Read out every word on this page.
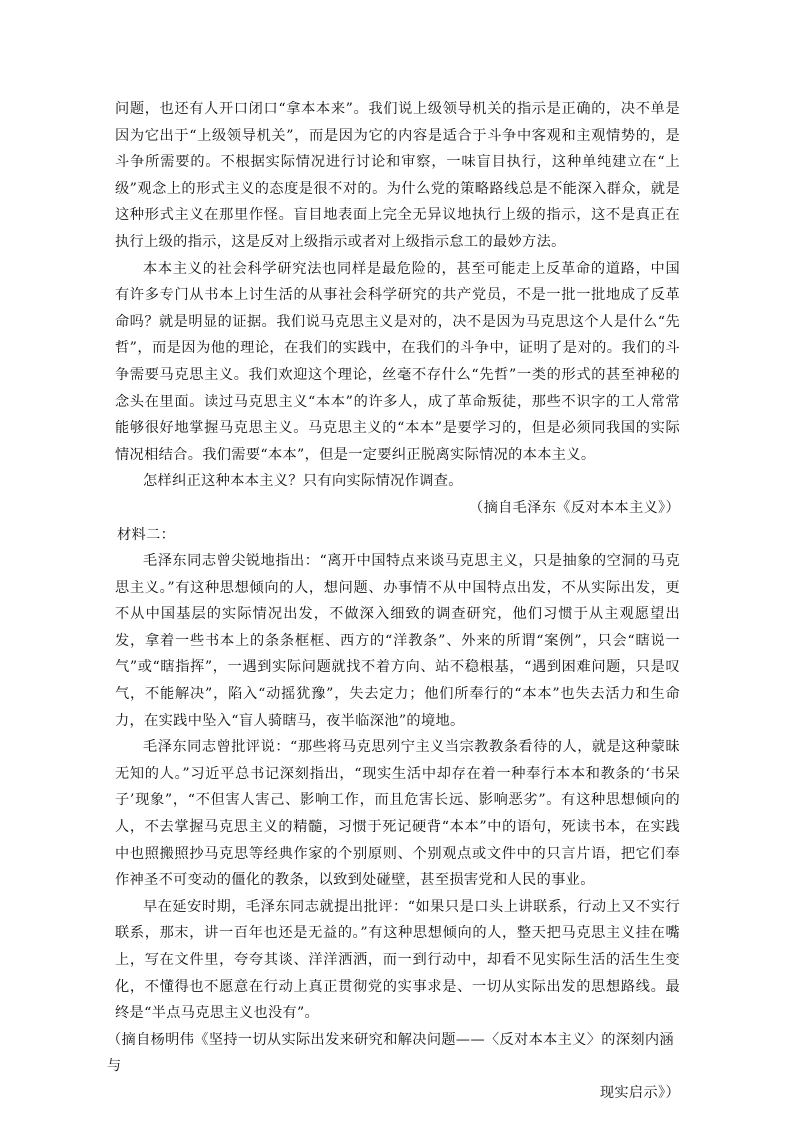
问题，也还有人开口闭口“拿本本来”。我们说上级领导机关的指示是正确的，决不单是因为它出于“上级领导机关”，而是因为它的内容是适合于斗争中客观和主观情势的，是斗争所需要的。不根据实际情况进行讨论和审察，一味盲目执行，这种单纯建立在“上级”观念上的形式主义的态度是很不对的。为什么党的策略路线总是不能深入群众，就是这种形式主义在那里作怪。盲目地表面上完全无异议地执行上级的指示，这不是真正在执行上级的指示，这是反对上级指示或者对上级指示怠工的最妙方法。

本本主义的社会科学研究法也同样是最危险的，甚至可能走上反革命的道路，中国有许多专门从书本上讨生活的从事社会科学研究的共产党员，不是一批一批地成了反革命吗？就是明显的证据。我们说马克思主义是对的，决不是因为马克思这个人是什么“先哲”，而是因为他的理论，在我们的实践中，在我们的斗争中，证明了是对的。我们的斗争需要马克思主义。我们欢迎这个理论，丝毫不存什么“先哲”一类的形式的甚至神秘的念头在里面。读过马克思主义“本本”的许多人，成了革命叛徒，那些不识字的工人常常能够很好地掌握马克思主义。马克思主义的“本本”是要学习的，但是必须同我国的实际情况相结合。我们需要“本本”，但是一定要纠正脱离实际情况的本本主义。

怎样纠正这种本本主义？只有向实际情况作调查。

（摘自毛泽东《反对本本主义》）

材料二：

毛泽东同志曾尖锐地指出：“离开中国特点来谈马克思主义，只是抽象的空洞的马克思主义。”有这种思想倾向的人，想问题、办事情不从中国特点出发，不从实际出发，更不从中国基层的实际情况出发，不做深入细致的调查研究，他们习惯于从主观愿望出发，拿着一些书本上的条条框框、西方的“洋教条”、外来的所谓“案例”，只会“瞎说一气”或“瞎指挥”，一遇到实际问题就找不着方向、站不稳根基，“遇到困难问题，只是叹气，不能解决”，陷入“动摇犹豫”，失去定力；他们所奉行的“本本”也失去活力和生命力，在实践中坠入“盲人骑瞎马，夜半临深池”的境地。

毛泽东同志曾批评说：“那些将马克思列宁主义当宗教教条看待的人，就是这种蒙昧无知的人。”习近平总书记深刻指出，“现实生活中却存在着一种奉行本本和教条的‘书呆子’现象”，“不但害人害己、影响工作，而且危害长远、影响恶劣”。有这种思想倾向的人，不去掌握马克思主义的精髓，习惯于死记硬背“本本”中的语句，死读书本，在实践中也照搬照抄马克思等经典作家的个别原则、个别观点或文件中的只言片语，把它们奉作神圣不可变动的僵化的教条，以致到处碰壁，甚至损害党和人民的事业。

早在延安时期，毛泽东同志就提出批评：“如果只是口头上讲联系，行动上又不实行联系，那末，讲一百年也还是无益的。”有这种思想倾向的人，整天把马克思主义挂在嘴上，写在文件里，夸夸其谈、洋洋洒洒，而一到行动中，却看不见实际生活的活生生变化，不懂得也不愿意在行动上真正贯彻党的实事求是、一切从实际出发的思想路线。最终是“半点马克思主义也没有”。

（摘自杨明伟《坚持一切从实际出发来研究和解决问题——〈反对本本主义〉的深刻内涵与
现实启示》）
